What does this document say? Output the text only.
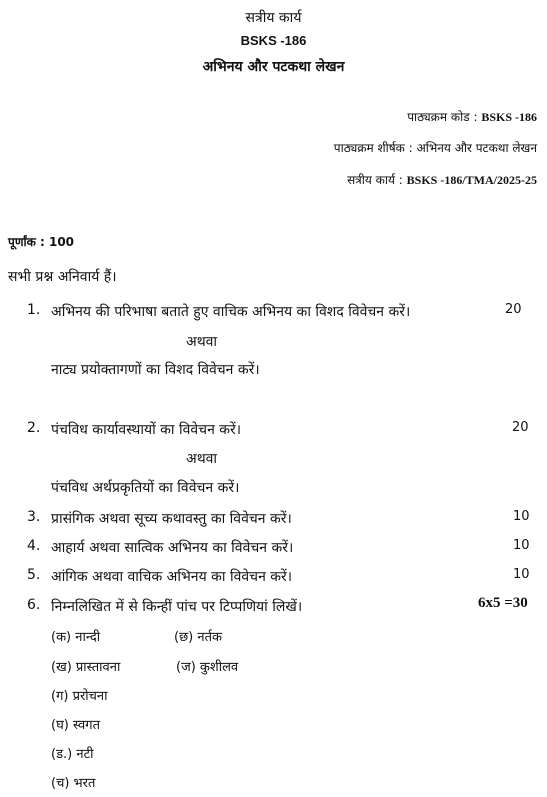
सत्रीय कार्य
BSKS -186
अभिनय और पटकथा लेखन
पाठ्यक्रम कोड : BSKS -186
पाठ्यक्रम शीर्षक : अभिनय और पटकथा लेखन
सत्रीय कार्य : BSKS -186/TMA/2025-25
पूर्णांक : 100
सभी प्रश्न अनिवार्य हैं।
1. अभिनय की परिभाषा बताते हुए वाचिक अभिनय का विशद विवेचन करें।	20
अथवा
नाट्य प्रयोक्तागणों का विशद विवेचन करें।
2. पंचविध कार्यावस्थायों का विवेचन करें।	20
अथवा
पंचविध अर्थप्रकृतियों का विवेचन करें।
3. प्रासंगिक अथवा सूच्य कथावस्तु का विवेचन करें।	10
4. आहार्य अथवा सात्विक अभिनय का विवेचन करें।	10
5. आंगिक अथवा वाचिक अभिनय का विवेचन करें।	10
6. निम्नलिखित में से किन्हीं पांच पर टिप्पणियां लिखें।	6x5 =30
(क) नान्दी	(छ) नर्तक
(ख) प्रास्तावना	(ज) कुशीलव
(ग) प्ररोचना
(घ) स्वगत
(ड.) नटी
(च) भरत
